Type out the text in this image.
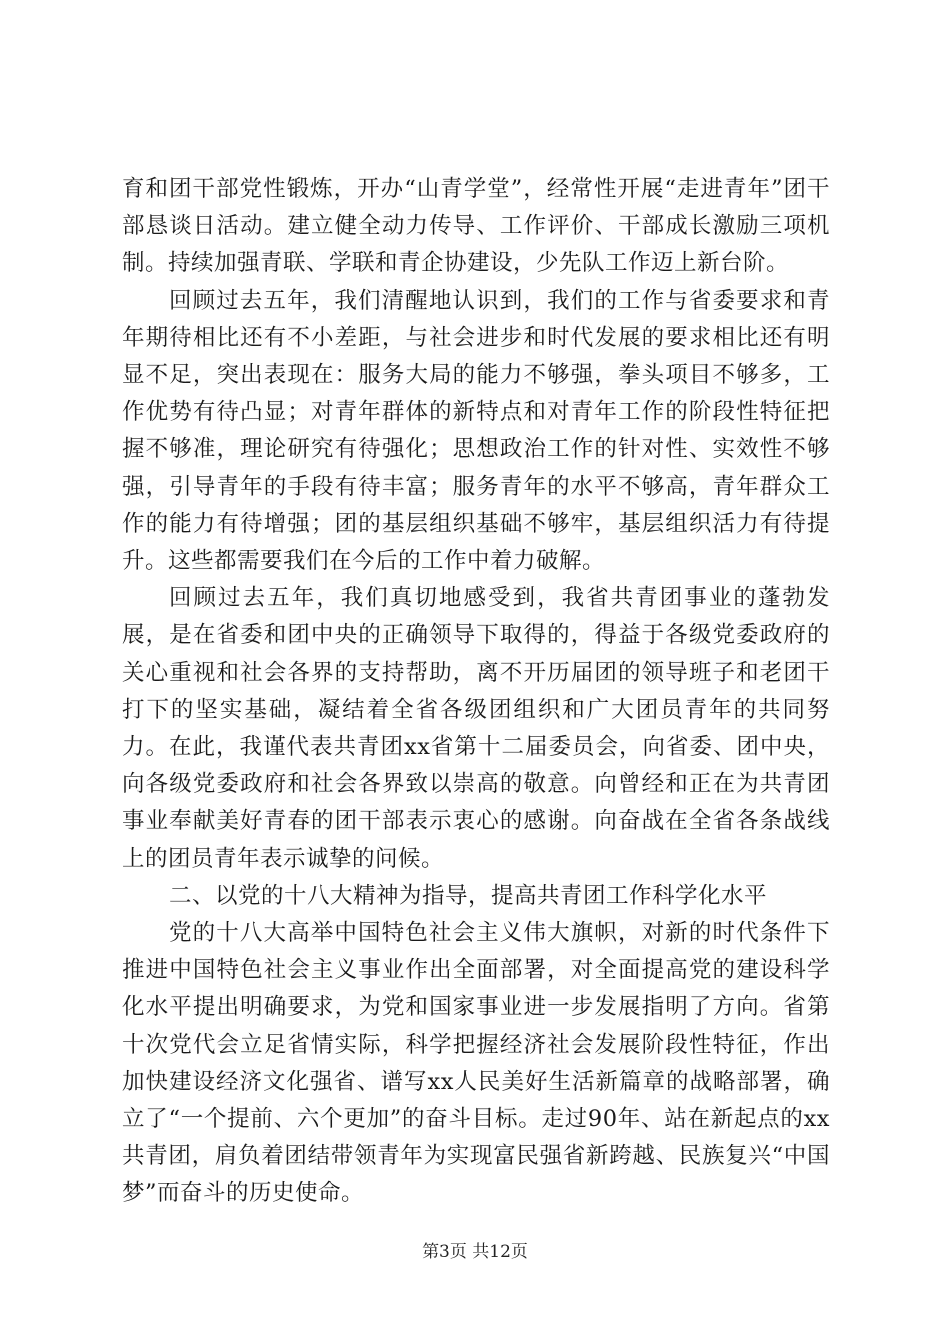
育和团干部党性锻炼，开办“山青学堂”，经常性开展“走进青年”团干部恳谈日活动。建立健全动力传导、工作评价、干部成长激励三项机制。持续加强青联、学联和青企协建设，少先队工作迈上新台阶。

回顾过去五年，我们清醒地认识到，我们的工作与省委要求和青年期待相比还有不小差距，与社会进步和时代发展的要求相比还有明显不足，突出表现在：服务大局的能力不够强，拳头项目不够多，工作优势有待凸显；对青年群体的新特点和对青年工作的阶段性特征把握不够准，理论研究有待强化；思想政治工作的针对性、实效性不够强，引导青年的手段有待丰富；服务青年的水平不够高，青年群众工作的能力有待增强；团的基层组织基础不够牢，基层组织活力有待提升。这些都需要我们在今后的工作中着力破解。

回顾过去五年，我们真切地感受到，我省共青团事业的蓬勃发展，是在省委和团中央的正确领导下取得的，得益于各级党委政府的关心重视和社会各界的支持帮助，离不开历届团的领导班子和老团干打下的坚实基础，凝结着全省各级团组织和广大团员青年的共同努力。在此，我谨代表共青团xx省第十二届委员会，向省委、团中央，向各级党委政府和社会各界致以崇高的敬意。向曾经和正在为共青团事业奉献美好青春的团干部表示衷心的感谢。向奋战在全省各条战线上的团员青年表示诚挚的问候。

二、以党的十八大精神为指导，提高共青团工作科学化水平

党的十八大高举中国特色社会主义伟大旗帜，对新的时代条件下推进中国特色社会主义事业作出全面部署，对全面提高党的建设科学化水平提出明确要求，为党和国家事业进一步发展指明了方向。省第十次党代会立足省情实际，科学把握经济社会发展阶段性特征，作出加快建设经济文化强省、谱写xx人民美好生活新篇章的战略部署，确立了“一个提前、六个更加”的奋斗目标。走过90年、站在新起点的xx共青团，肩负着团结带领青年为实现富民强省新跨越、民族复兴“中国梦”而奋斗的历史使命。

第3页 共12页
